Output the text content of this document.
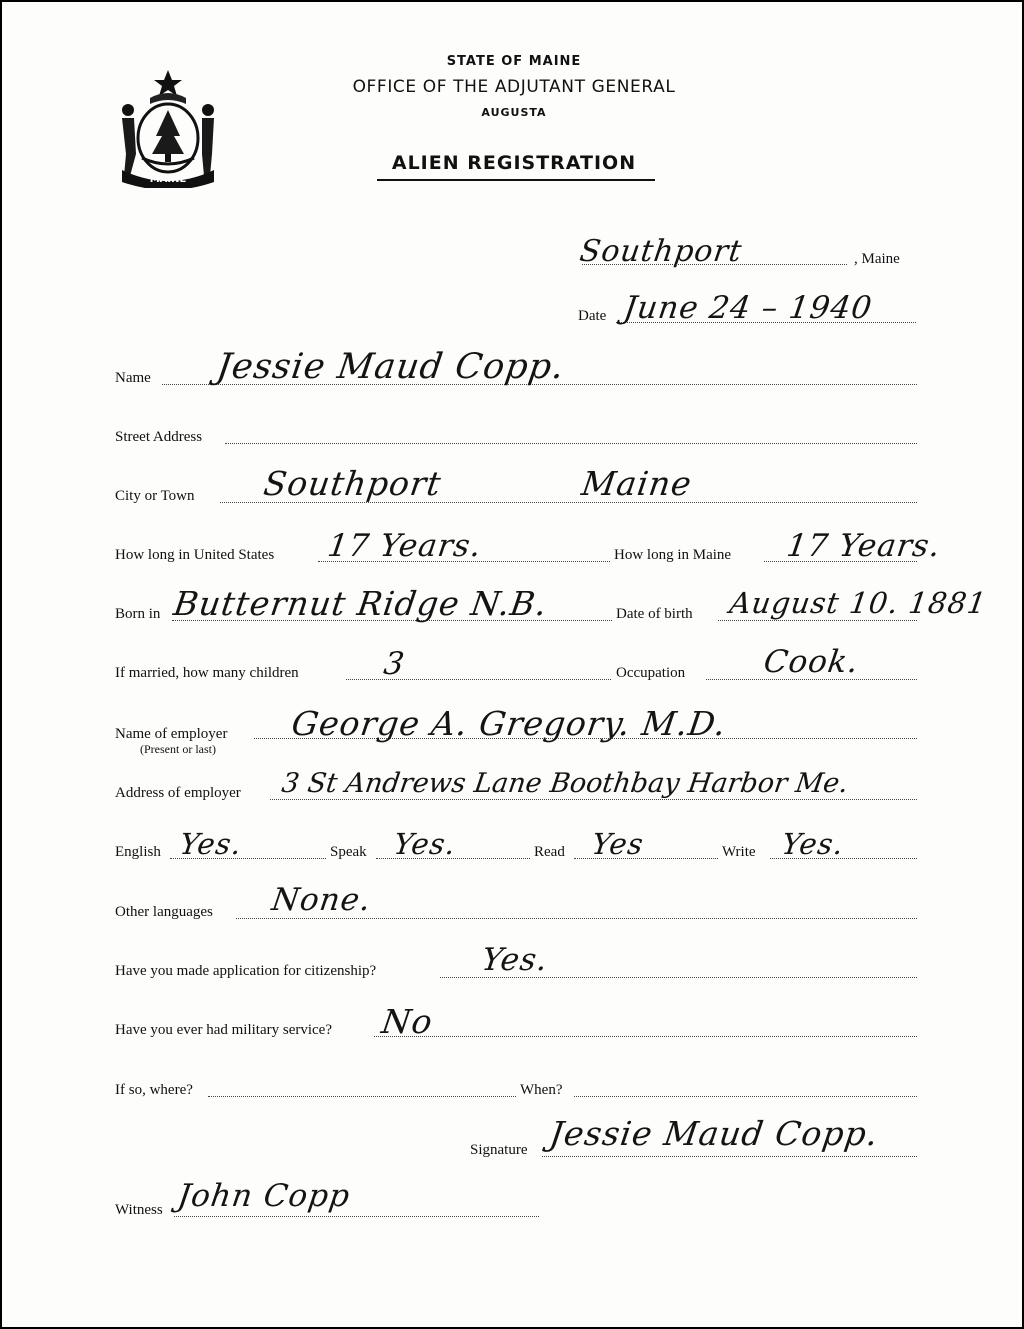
MAINE
STATE OF MAINE
OFFICE OF THE ADJUTANT GENERAL
AUGUSTA
ALIEN REGISTRATION
Southport	, Maine
Date June 24 – 1940
Name Jessie Maud Copp.
Street Address
City or Town Southport	Maine
How long in United States 17 Years.	How long in Maine 17 Years.
Born in Butternut Ridge N.B.	Date of birth August 10. 1881
If married, how many children	3	Occupation Cook.
Name of employer
(Present or last)
George A. Gregory. M.D.
Address of employer 3 St Andrews Lane Boothbay Harbor Me.
English Yes.	Speak Yes.	Read Yes	Write Yes.
Other languages None.
Have you made application for citizenship?	Yes.
Have you ever had military service? No
If so, where?	When?
Signature Jessie Maud Copp.
Witness John Copp
